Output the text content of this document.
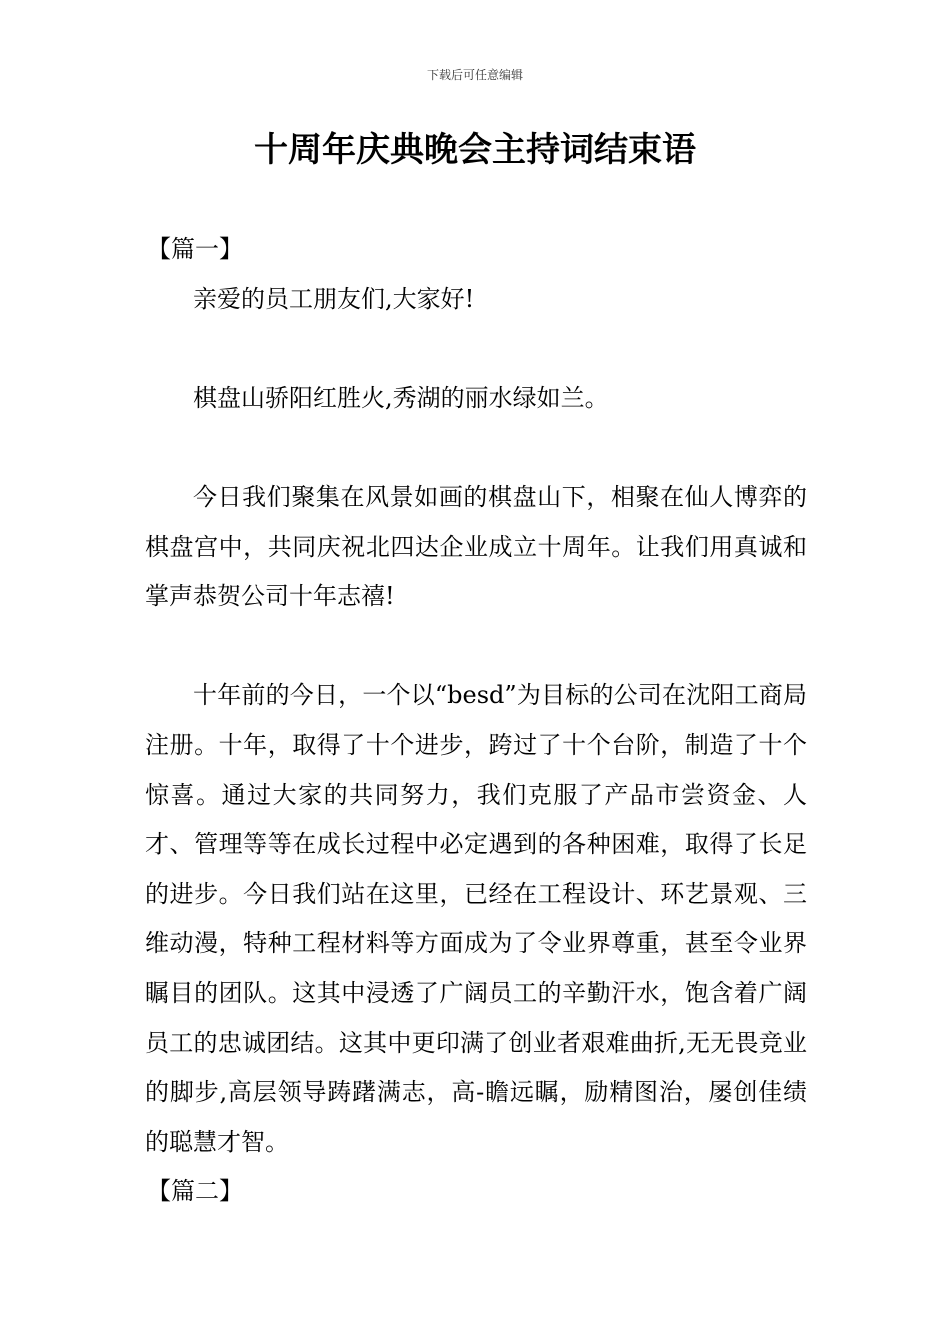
下载后可任意编辑
十周年庆典晚会主持词结束语

【篇一】

亲爱的员工朋友们,大家好!

棋盘山骄阳红胜火,秀湖的丽水绿如兰。

今日我们聚集在风景如画的棋盘山下，相聚在仙人博弈的棋盘宫中，共同庆祝北四达企业成立十周年。让我们用真诚和掌声恭贺公司十年志禧!

十年前的今日，一个以“besd”为目标的公司在沈阳工商局注册。十年，取得了十个进步，跨过了十个台阶，制造了十个惊喜。通过大家的共同努力，我们克服了产品市尝资金、人才、管理等等在成长过程中必定遇到的各种困难，取得了长足的进步。今日我们站在这里，已经在工程设计、环艺景观、三维动漫，特种工程材料等方面成为了令业界尊重，甚至令业界瞩目的团队。这其中浸透了广阔员工的辛勤汗水，饱含着广阔员工的忠诚团结。这其中更印满了创业者艰难曲折,无无畏竞业的脚步,高层领导踌躇满志，高-瞻远瞩，励精图治，屡创佳绩的聪慧才智。

【篇二】
